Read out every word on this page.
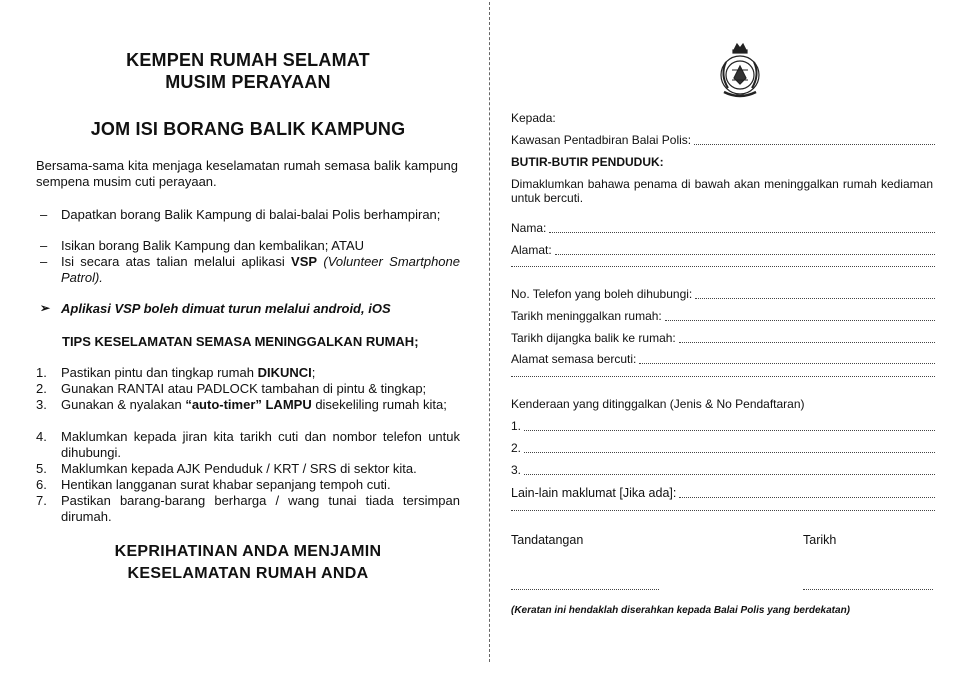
KEMPEN RUMAH SELAMAT
MUSIM PERAYAAN
JOM ISI BORANG BALIK KAMPUNG
Bersama-sama kita menjaga keselamatan rumah semasa balik kampung sempena musim cuti perayaan.
–	Dapatkan borang Balik Kampung di balai-balai Polis berhampiran;
–	Isikan borang Balik Kampung dan kembalikan; ATAU
–	Isi secara atas talian melalui aplikasi VSP (Volunteer Smartphone Patrol).
➢ Aplikasi VSP boleh dimuat turun melalui android, iOS
TIPS KESELAMATAN SEMASA MENINGGALKAN RUMAH;
1.	Pastikan pintu dan tingkap rumah DIKUNCI;
2.	Gunakan RANTAI atau PADLOCK tambahan di pintu & tingkap;
3.	Gunakan & nyalakan “auto-timer” LAMPU disekeliling rumah kita;
4.	Maklumkan kepada jiran kita tarikh cuti dan nombor telefon untuk dihubungi.
5.	Maklumkan kepada AJK Penduduk / KRT / SRS di sektor kita.
6.	Hentikan langganan surat khabar sepanjang tempoh cuti.
7.	Pastikan barang-barang berharga / wang tunai tiada tersimpan dirumah.
KEPRIHATINAN ANDA MENJAMIN
KESELAMATAN RUMAH ANDA
Kepada:
Kawasan Pentadbiran Balai Polis:
BUTIR-BUTIR PENDUDUK:
Dimaklumkan bahawa penama di bawah akan meninggalkan rumah kediaman untuk bercuti.
Nama:
Alamat:
No. Telefon yang boleh dihubungi:
Tarikh meninggalkan rumah:
Tarikh dijangka balik ke rumah:
Alamat semasa bercuti:
Kenderaan yang ditinggalkan (Jenis & No Pendaftaran)
1.
2.
3.
Lain-lain maklumat [Jika ada]:
Tandatangan	Tarikh
(Keratan ini hendaklah diserahkan kepada Balai Polis yang berdekatan)
